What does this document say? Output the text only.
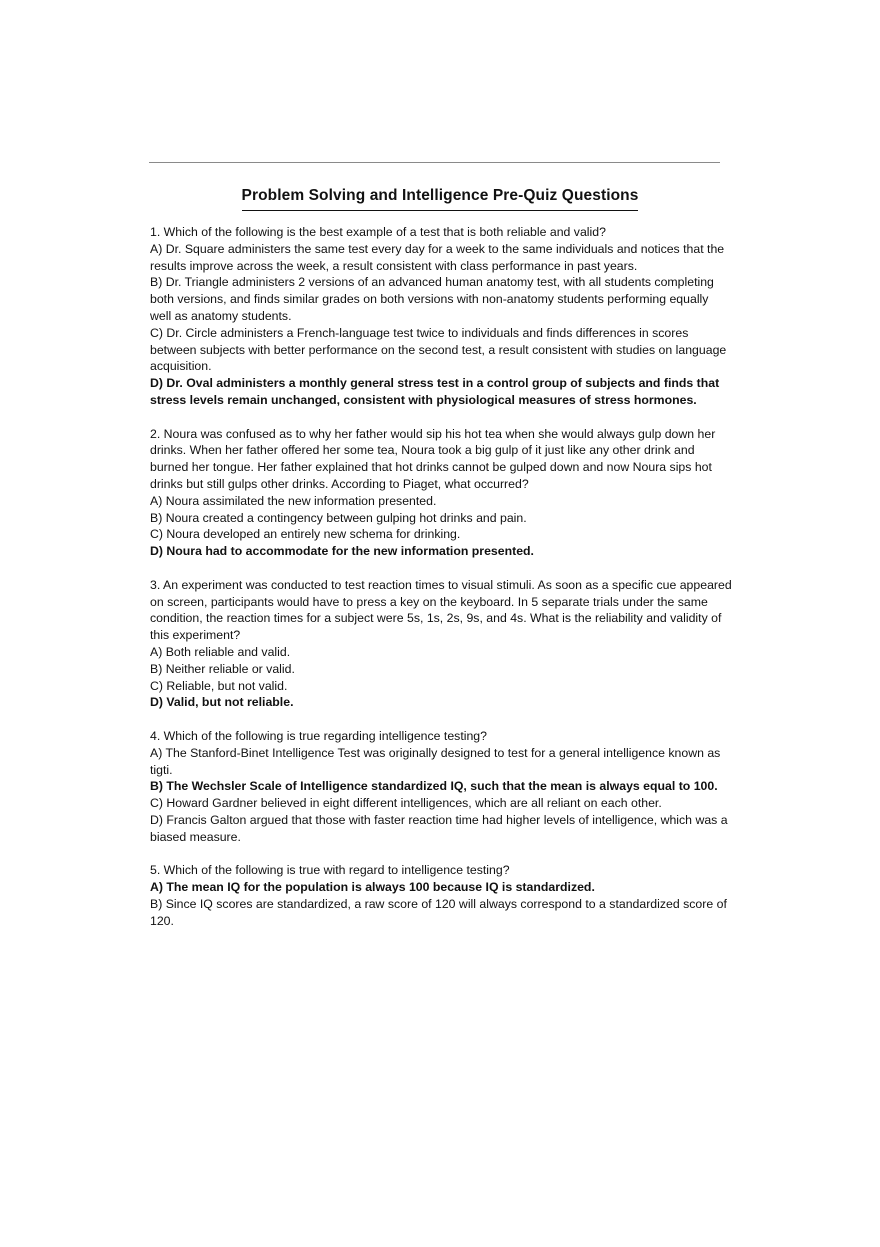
Problem Solving and Intelligence Pre-Quiz Questions
1. Which of the following is the best example of a test that is both reliable and valid?
A) Dr. Square administers the same test every day for a week to the same individuals and notices that the results improve across the week, a result consistent with class performance in past years.
B) Dr. Triangle administers 2 versions of an advanced human anatomy test, with all students completing both versions, and finds similar grades on both versions with non-anatomy students performing equally well as anatomy students.
C) Dr. Circle administers a French-language test twice to individuals and finds differences in scores between subjects with better performance on the second test, a result consistent with studies on language acquisition.
D) Dr. Oval administers a monthly general stress test in a control group of subjects and finds that stress levels remain unchanged, consistent with physiological measures of stress hormones.
2. Noura was confused as to why her father would sip his hot tea when she would always gulp down her drinks. When her father offered her some tea, Noura took a big gulp of it just like any other drink and burned her tongue. Her father explained that hot drinks cannot be gulped down and now Noura sips hot drinks but still gulps other drinks. According to Piaget, what occurred?
A) Noura assimilated the new information presented.
B) Noura created a contingency between gulping hot drinks and pain.
C) Noura developed an entirely new schema for drinking.
D) Noura had to accommodate for the new information presented.
3. An experiment was conducted to test reaction times to visual stimuli. As soon as a specific cue appeared on screen, participants would have to press a key on the keyboard. In 5 separate trials under the same condition, the reaction times for a subject were 5s, 1s, 2s, 9s, and 4s. What is the reliability and validity of this experiment?
A) Both reliable and valid.
B) Neither reliable or valid.
C) Reliable, but not valid.
D) Valid, but not reliable.
4. Which of the following is true regarding intelligence testing?
A) The Stanford-Binet Intelligence Test was originally designed to test for a general intelligence known as tigti.
B) The Wechsler Scale of Intelligence standardized IQ, such that the mean is always equal to 100.
C) Howard Gardner believed in eight different intelligences, which are all reliant on each other.
D) Francis Galton argued that those with faster reaction time had higher levels of intelligence, which was a biased measure.
5. Which of the following is true with regard to intelligence testing?
A) The mean IQ for the population is always 100 because IQ is standardized.
B) Since IQ scores are standardized, a raw score of 120 will always correspond to a standardized score of 120.
